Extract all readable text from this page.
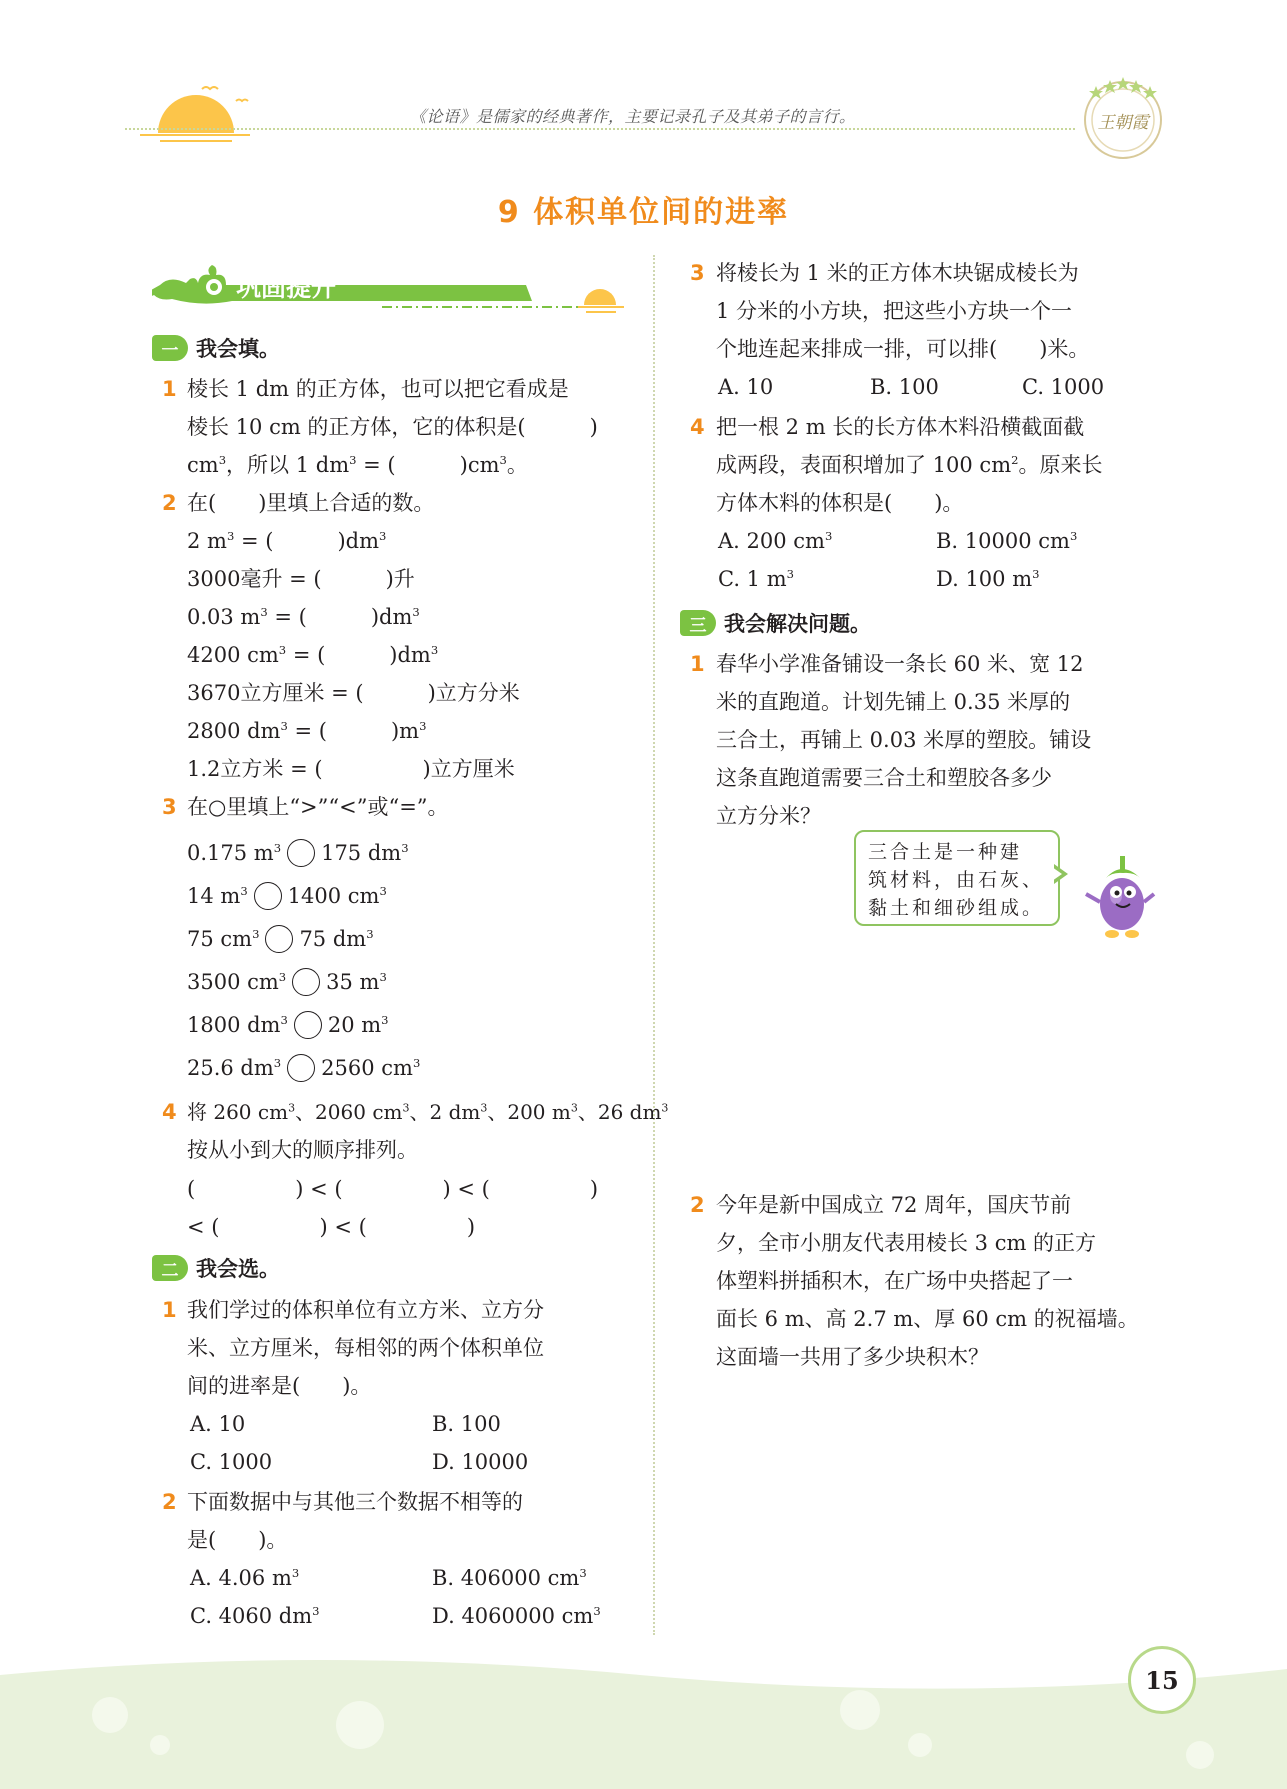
《论语》是儒家的经典著作，主要记录孔子及其弟子的言行。	王朝霞
9 体积单位间的进率
巩固提升
一 我会填。
1 棱长 1 dm 的正方体，也可以把它看成是
棱长 10 cm 的正方体，它的体积是(	)
$cm^3$，所以 1 $dm^3$ = (	)$cm^3$。
2 在(　　)里填上合适的数。
2 $m^3$ = (	)$dm^3$
3000毫升 = (	)升
0.03 $m^3$ = (	)$dm^3$
4200 $cm^3$ = (	)$dm^3$
3670立方厘米 = (	)立方分米
2800 $dm^3$ = (	)$m^3$
1.2立方米 = (	)立方厘米
3 在○里填上“>”“<”或“=”。
0.175 $m^3$ 175 $dm^3$
14 $m^3$ 1400 $cm^3$
75 $cm^3$ 75 $dm^3$
3500 $cm^3$ 35 $m^3$
1800 $dm^3$ 20 $m^3$
25.6 $dm^3$ 2560 $cm^3$
4 将 260 $cm^3$、2060 $cm^3$、2 $dm^3$、200 $m^3$、26 $dm^3$
按从小到大的顺序排列。
(	) < (	) < (	)
< (	) < (	)
二 我会选。
1 我们学过的体积单位有立方米、立方分
米、立方厘米，每相邻的两个体积单位
间的进率是(　　)。
A. 10	B. 100
C. 1000	D. 10000
2 下面数据中与其他三个数据不相等的
是(　　)。
A. 4.06 $m^3$	B. 406000 $cm^3$
C. 4060 $dm^3$	D. 4060000 $cm^3$
3 将棱长为 1 米的正方体木块锯成棱长为
1 分米的小方块，把这些小方块一个一
个地连起来排成一排，可以排(　　)米。
A. 10	B. 100	C. 1000
4 把一根 2 m 长的长方体木料沿横截面截
成两段，表面积增加了 100 $cm^2$。原来长
方体木料的体积是(　　)。
A. 200 $cm^3$	B. 10000 $cm^3$
C. 1 $m^3$	D. 100 $m^3$
三 我会解决问题。
1 春华小学准备铺设一条长 60 米、宽 12
米的直跑道。计划先铺上 0.35 米厚的
三合土，再铺上 0.03 米厚的塑胶。铺设
这条直跑道需要三合土和塑胶各多少
立方分米？
三合土是一种建
筑材料，由石灰、
黏土和细砂组成。
2 今年是新中国成立 72 周年，国庆节前
夕，全市小朋友代表用棱长 3 cm 的正方
体塑料拼插积木，在广场中央搭起了一
面长 6 m、高 2.7 m、厚 60 cm 的祝福墙。
这面墙一共用了多少块积木？
15
